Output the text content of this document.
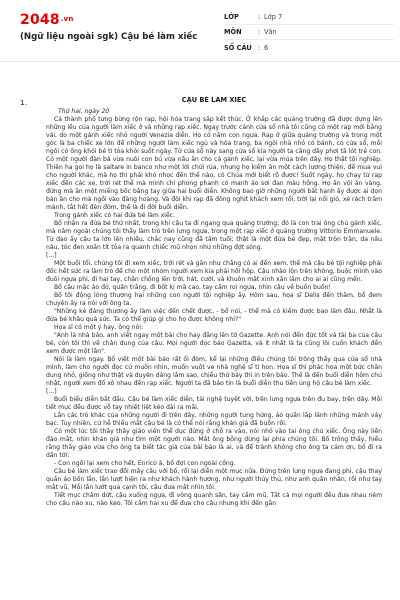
$2048^{.vn}$
(Ngữ liệu ngoài sgk) Cậu bé làm xiếc
LỚP	: Lớp 7
MÔN	: Văn
SỐ CÂU : 6
1.	CẬU BÉ LÀM XIẾC

Thứ hai, ngày 20

Cả thành phố tưng bừng rộn rạp, hội hóa trang sắp kết thúc. Ở khắp các quảng trường đã được dựng lên những lều của người làm xiếc ở và những rạp xiếc. Ngay trước cánh cửa sổ nhà tôi cũng có một rạp mới bằng vải, do một gánh xiếc nhỏ người Venezia diễn. Họ có năm con ngựa. Rạp ở giữa quảng trường và trong một góc là ba chiếc xe lớn để những người làm xiếc ngủ và hóa trang, ba ngôi nhà nhỏ có bánh, có cửa sổ, mỗi ngôi có ống khói bé tí tỏa khói suốt ngày. Từ cửa sổ này sang cửa sổ kia người ta căng dây phơi tã lót trẻ con. Có một người đàn bà vừa nuôi con bú vừa nấu ăn cho cả gánh xiếc, lại vừa múa trên dây. Họ thật tội nghiệp. Thiên hạ gọi họ là saltare in banco như một lời chửi rủa, nhưng họ kiếm ăn một cách lương thiện, để mua vui cho người khác, mà họ thì phải khó nhọc đến thế nào, có Chúa mới biết rõ được! Suốt ngày, họ chạy từ rạp xiếc đến các xe, trời rét thế mà mình chỉ phong phanh có manh áo sơi đan màu hồng. Họ ăn vội ăn vàng, đứng mà ăn một miếng bốc bằng tay giữa hai buổi diễn. Không bao giờ những người bất hạnh ấy được ai dọn bàn ăn cho mà ngồi vào đàng hoàng. Và đôi khi rạp đã đông nghịt khách xem rồi, trời lại nổi gió, xé rách trăm mảnh, tắt hết đèn đóm, thế là đi đời buổi diễn.

Trong gánh xiếc có hai đứa bé làm xiếc.

Bố nhận ra đứa bé thứ nhất, trong khi cậu ta đi ngang qua quảng trường; đó là con trai ông chủ gánh xiếc, mà năm ngoái chúng tôi thấy làm trò trên lưng ngựa, trong một rạp xiếc ở quảng trường Vittorio Emmanuele. Từ dạo ấy cậu ta lớn lên nhiều, chắc nay cũng đã tám tuổi; thật là một đứa bé đẹp, mặt tròn trặn, da nâu nâu, tóc đen xoăn tít tỏa ra quanh chiếc mũ nhọn như những đợt sóng.

[...]

Một buổi tối, chúng tôi đi xem xiếc, trời rét và gần như chẳng có ai đến xem, thế mà cậu bé tội nghiệp phải đốc hết sức ra làm trò để cho một nhóm người xem kia phải hồi hộp. Cậu nhào lộn trên không, buộc mình vào đuôi ngựa phi, đi hai tay, chân chống lên trời, hát, cười, và khuôn mặt xinh xắn lắm cho ai ai cũng mến.

Bố cậu mặc áo đỏ, quần trắng, đi bốt kị mã cao, tay cầm roi ngựa, nhìn cậu về buồn buồn!

Bố tôi động lòng thương hại những con người tội nghiệp ấy. Hôm sau, họa sĩ Delis đến thăm, bố đem chuyện ấy ra nói với ông ta.

"Những kẻ đáng thương ấy làm việc đến chết được, - bố nói, - thế mà có kiếm được bao lăm đâu. Nhất là đứa bé khâu quá sức. Ta có thể giúp gì cho họ được không nhỉ?"

Họa sĩ có một ý hay, ông nói:

"Anh là nhà báo, anh viết ngay một bài cho hay đăng lên tờ Gazette. Anh nói đến đức tốt và tài ba của cậu bé, còn tôi thì vẽ chân dung của cậu. Mọi người đọc báo Gazetta, và ít nhất là ta cũng lôi cuốn khách đến xem được một lần".

Nói là làm ngay. Bố viết một bài báo rất ổi đòm, kể lại những điều chúng tôi trông thấy qua cửa sổ nhà mình, làm cho người đọc cứ muốn nhìn, muốn vuốt ve nhà nghệ sĩ tí hon. Họa sĩ thì phác họa một bức chân dung nhỏ, giống như thật và duyên dáng lắm sao, chiều thứ bảy thì in trên báo. Thế là đến buổi diễn hôm chủ nhật, người xem đổ xô nhau đến rạp xiếc. Người ta đã báo tin là buổi diễn thu tiền ủng hộ cậu bé làm xiếc.

[...]

Buổi biểu diễn bắt đầu. Cậu bé làm xiếc diễn, tài nghệ tuyệt vời, trên lưng ngựa trên đu bay, trên dây. Mỗi tiết mục đều được vỗ tay nhiệt liệt kéo dài ra mãi.

Lần các trò khác của những người đi trên dây, những người tung hứng, áo quần lấp lánh những mảnh vảy bạc. Tuy nhiên, cứ hễ thiếu mất cậu bé là có thể nói rằng khán giả đã buồn rồi.

Có một lúc tôi thấy thầy giáo viên thể dục đứng ở chỗ ra vào, nói nhỏ vào tai ông chủ xiếc. Ông này liền đảo mắt, nhìn khán giả như tìm một người nào. Mắt ông bỗng dừng lại phía chúng tôi. Bố trông thấy, hiểu rằng thầy giáo vừa cho ông ta biết tác giả của bài báo là ai, và để tránh không cho ông ta cảm ơn, bố đi ra dần tới:

- Con ngồi lại xem cho hết, Enrico à, bố đợi con ngoài cổng.

Cậu bé làm xiếc trao đổi mấy câu với bố, rồi lại diễn một mục nữa. Đứng trên lưng ngựa đang phi, cậu thay quần áo bốn lần, lần lượt hiện ra như khách hành hương, như người thủy thủ, như anh quân nhân, rồi như tay mắt vũ. Mỗi lần lướt qua cạnh tôi, cậu đưa mắt nhìn tôi.

Tiết mục chấm dứt, cậu xuống ngựa, đi vòng quanh sân, tay cầm mũ. Tất cả mọi người đều đưa nhau ném cho cậu nào xu, nào kẹo. Tôi cầm hai xu để đưa cho cậu nhưng khi đến gần
